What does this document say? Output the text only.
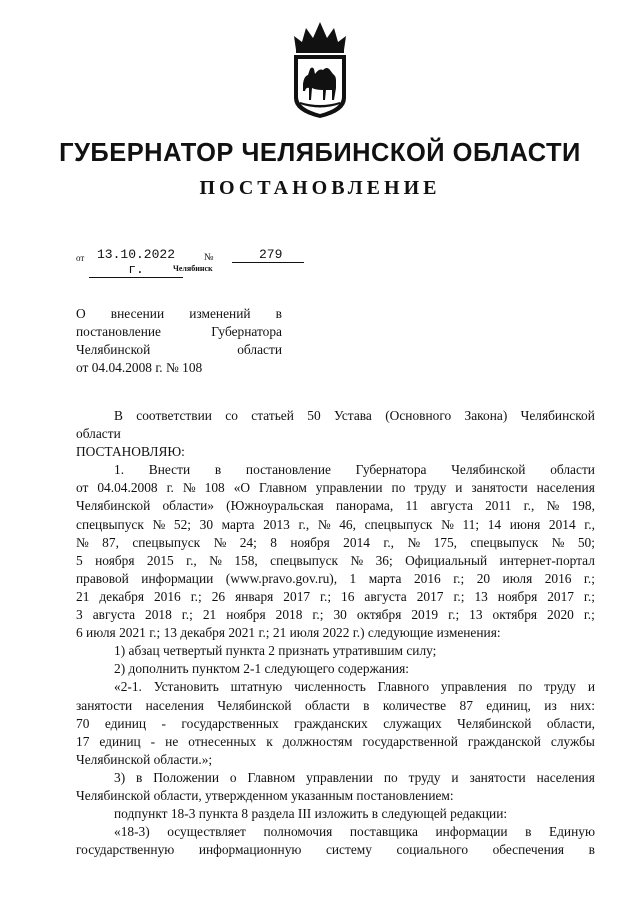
ГУБЕРНАТОР ЧЕЛЯБИНСКОЙ ОБЛАСТИ
ПОСТАНОВЛЕНИЕ
от 13.10.2022 г.
№	279
Челябинск
О внесении изменений в
постановление	Губернатора
Челябинской	области
от 04.04.2008 г. № 108
В соответствии со статьей 50 Устава (Основного Закона) Челябинской
области
ПОСТАНОВЛЯЮ:
1. Внести в постановление Губернатора Челябинской области
от 04.04.2008 г. № 108 «О Главном управлении по труду и занятости населения
Челябинской области» (Южноуральская панорама, 11 августа 2011 г., № 198,
спецвыпуск № 52; 30 марта 2013 г., № 46, спецвыпуск № 11; 14 июня 2014 г.,
№ 87, спецвыпуск № 24; 8 ноября 2014 г., № 175, спецвыпуск № 50;
5 ноября 2015 г., № 158, спецвыпуск № 36; Официальный интернет-портал
правовой информации (www.pravo.gov.ru), 1 марта 2016 г.; 20 июля 2016 г.;
21 декабря 2016 г.; 26 января 2017 г.; 16 августа 2017 г.; 13 ноября 2017 г.;
3 августа 2018 г.; 21 ноября 2018 г.; 30 октября 2019 г.; 13 октября 2020 г.;
6 июля 2021 г.; 13 декабря 2021 г.; 21 июля 2022 г.) следующие изменения:
1) абзац четвертый пункта 2 признать утратившим силу;
2) дополнить пунктом 2-1 следующего содержания:
«2-1. Установить штатную численность Главного управления по труду и
занятости населения Челябинской области в количестве 87 единиц, из них:
70 единиц - государственных гражданских служащих Челябинской области,
17 единиц - не отнесенных к должностям государственной гражданской службы
Челябинской области.»;
3) в Положении о Главном управлении по труду и занятости населения
Челябинской области, утвержденном указанным постановлением:
подпункт 18-3 пункта 8 раздела III изложить в следующей редакции:
«18-3) осуществляет полномочия поставщика информации в Единую
государственную информационную систему социального обеспечения в
